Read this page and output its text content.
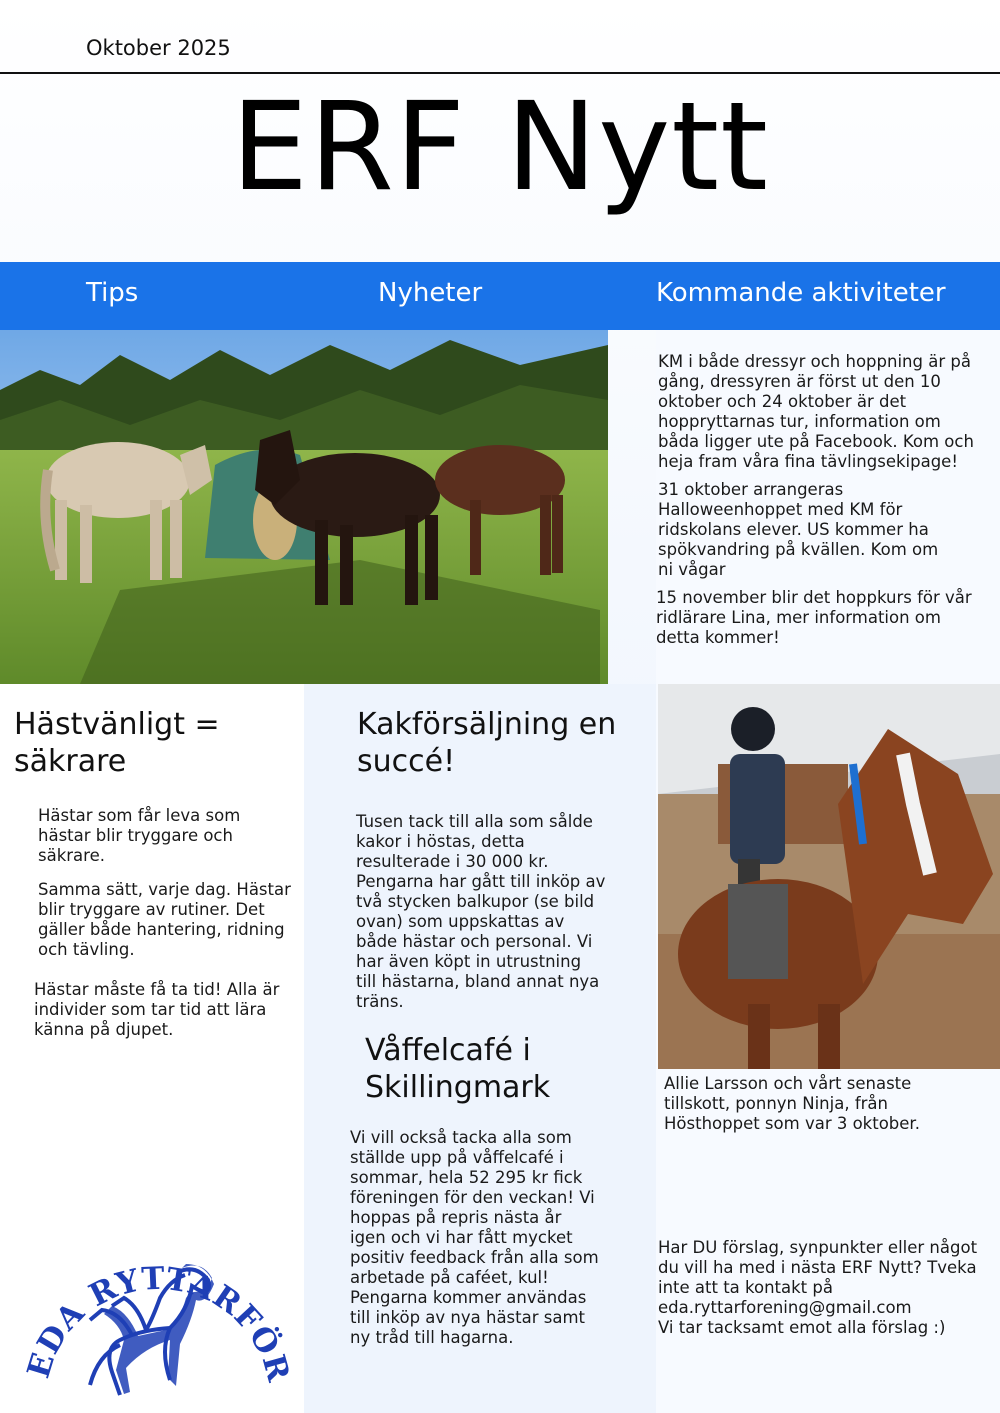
Oktober 2025
ERF Nytt
Tips	Nyheter	Kommande aktiviteter
KM i både dressyr och hoppning är på gång, dressyren är först ut den 10 oktober och 24 oktober är det hoppryttarnas tur, information om båda ligger ute på Facebook. Kom och heja fram våra fina tävlingsekipage!
31 oktober arrangeras Halloweenhoppet med KM för ridskolans elever. US kommer ha spökvandring på kvällen. Kom om ni vågar
15 november blir det hoppkurs för vår ridlärare Lina, mer information om detta kommer!
Hästvänligt = säkrare
Hästar som får leva som hästar blir tryggare och säkrare.
Samma sätt, varje dag. Hästar blir tryggare av rutiner. Det gäller både hantering, ridning och tävling.
Hästar måste få ta tid! Alla är individer som tar tid att lära känna på djupet.
Kakförsäljning en succé!
Tusen tack till alla som sålde kakor i höstas, detta resulterade i 30 000 kr. Pengarna har gått till inköp av två stycken balkupor (se bild ovan) som uppskattas av både hästar och personal. Vi har även köpt in utrustning till hästarna, bland annat nya träns.
Våffelcafé i Skillingmark
Vi vill också tacka alla som ställde upp på våffelcafé i sommar, hela 52 295 kr fick föreningen för den veckan! Vi hoppas på repris nästa år igen och vi har fått mycket positiv feedback från alla som arbetade på caféet, kul! Pengarna kommer användas till inköp av nya hästar samt ny tråd till hagarna.
Allie Larsson och vårt senaste tillskott, ponnyn Ninja, från Hösthoppet som var 3 oktober.
Har DU förslag, synpunkter eller något du vill ha med i nästa ERF Nytt? Tveka inte att ta kontakt på
eda.ryttarforening@gmail.com
Vi tar tacksamt emot alla förslag :)
EDA RYTTARFÖ
